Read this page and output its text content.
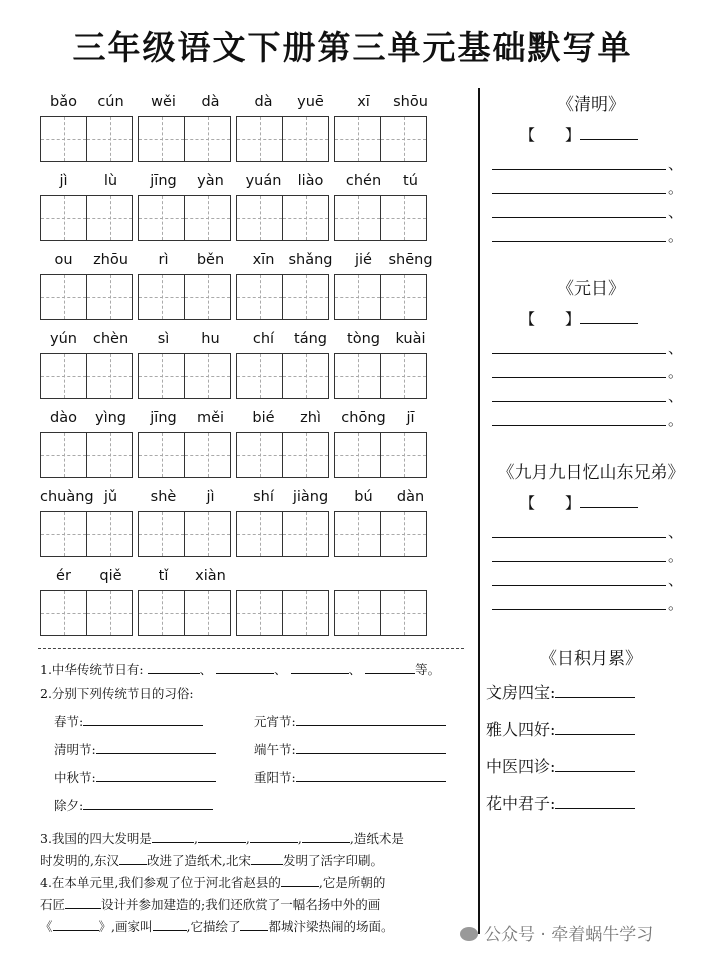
三年级语文下册第三单元基础默写单
bǎo	cún	wěi	dà	dà	yuē	xī	shōu
jì	lù	jīng	yàn	yuán	liào	chén	tú
ou	zhōu	rì	běn	xīn shǎng	jié	shēng
yún	chèn	sì	hu	chí	táng	tòng	kuài
dào	yìng	jīng	měi	bié	zhì	chōng	jī
chuàng jǔ	shè	jì	shí	jiàng	bú	dàn
ér	qiě	tǐ	xiàn
1.中华传统节日有:	、	、	、	等。
2.分别下列传统节日的习俗:
春节:	元宵节:
清明节:	端午节:
中秋节:	重阳节:
除夕:
3.我国的四大发明是	,	,	,	,造纸术是
时发明的,东汉 改进了造纸术,北宋	发明了活字印刷。
4.在本单元里,我们参观了位于河北省赵县的	,它是所朝的
石匠	设计并参加建造的;我们还欣赏了一幅名扬中外的画
《	》,画家叫	,它描绘了 都城汴梁热闹的场面。
《清明》
【　　】
、
。
、
。
《元日》
【　　】
、
。
、
。
《九月九日忆山东兄弟》
【　　】
、
。
、
。
《日积月累》
文房四宝:
雅人四好:
中医四诊:
花中君子:
公众号 · 牵着蜗牛学习
